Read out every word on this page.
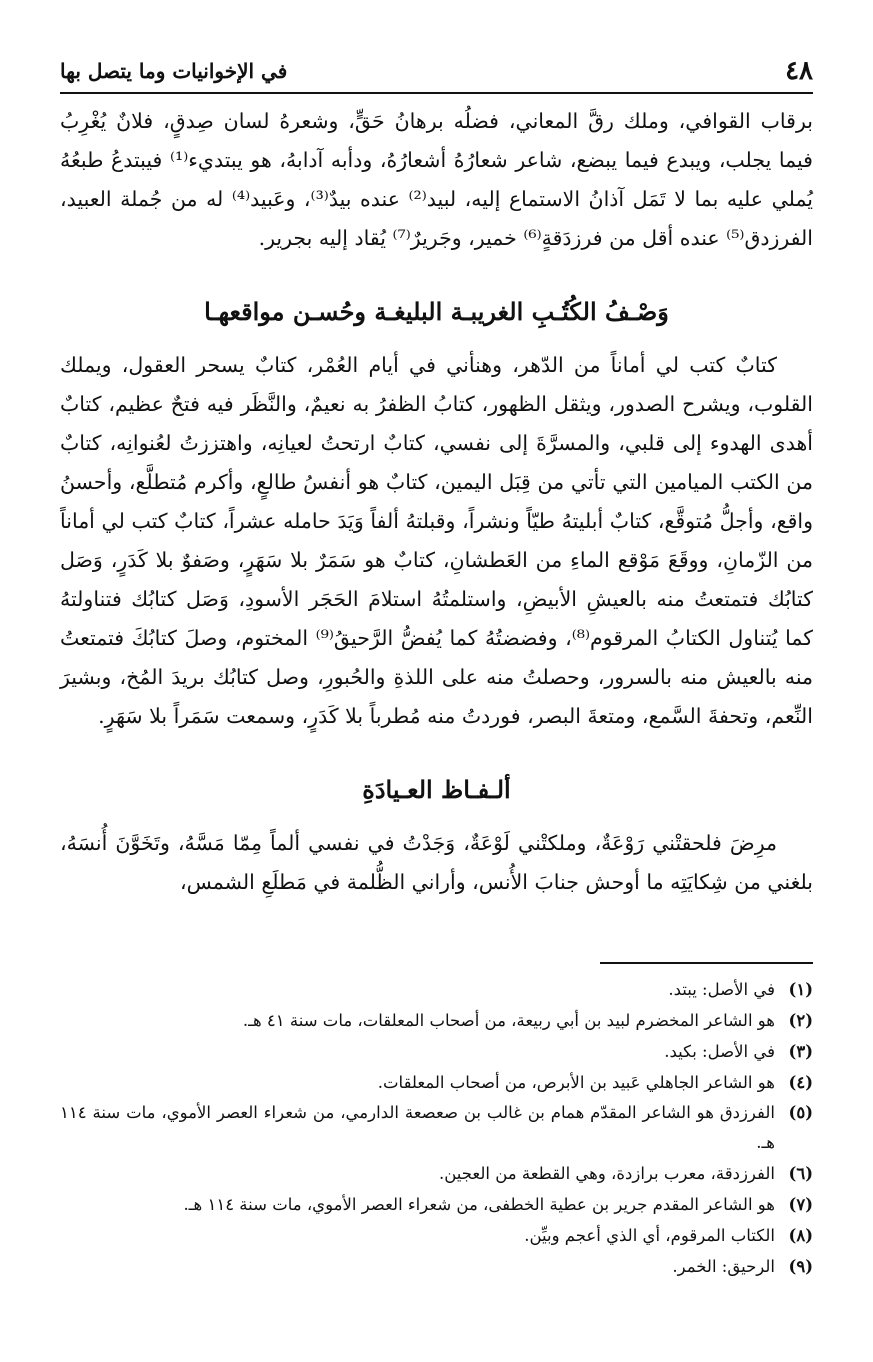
٤٨
في الإخوانيات وما يتصل بها

برقاب القوافي، وملك رقَّ المعاني، فضلُه برهانُ حَقٍّ، وشعرهُ لسان صِدقٍ، فلانٌ يُغْرِبُ فيما يجلب، ويبدع فيما يبضع، شاعر شعارُهُ أشعارُهُ، ودأبه آدابهُ، هو يبتديء⁽¹⁾ فيبتدعُ طبعُهُ يُملي عليه بما لا تَمَل آذانُ الاستماع إليه، لبيد⁽²⁾ عنده بيدٌ⁽³⁾، وعَبيد⁽⁴⁾ له من جُملة العبيد، الفرزدق⁽⁵⁾ عنده أقل من فرزدَقةٍ⁽⁶⁾ خمير، وجَريرٌ⁽⁷⁾ يُقاد إليه بجرير.

وَصْـفُ الكُتُـبِ الغريبـة البليغـة وحُسـن مواقعهـا

كتابٌ كتب لي أماناً من الدّهر، وهنأني في أيام العُمْر، كتابٌ يسحر العقول، ويملك القلوب، ويشرح الصدور، ويثقل الظهور، كتابُ الظفرُ به نعيمٌ، والنَّظَر فيه فتحٌ عظيم، كتابٌ أهدى الهدوء إلى قلبي، والمسرَّةَ إلى نفسي، كتابٌ ارتحتُ لعيانِه، واهتززتُ لعُنوانِه، كتابٌ من الكتب الميامين التي تأتي من قِبَل اليمين، كتابٌ هو أنفسُ طالعٍ، وأكرم مُتطلَّع، وأحسنُ واقع، وأجلُّ مُتوقَّع، كتابٌ أبليتهُ طيّاً ونشراً، وقبلتهُ ألفاً وَيَدَ حامله عشراً، كتابٌ كتب لي أماناً من الزّمانِ، ووقَعَ مَوْقع الماءِ من العَطشانِ، كتابٌ هو سَمَرٌ بلا سَهَرٍ، وصَفوٌ بلا كَدَرٍ، وَصَل كتابُك فتمتعتُ منه بالعيشِ الأبيضِ، واستلمتُهُ استلامَ الحَجَر الأسودِ، وَصَل كتابُك فتناولتهُ كما يُتناول الكتابُ المرقوم⁽⁸⁾، وفضضتُهُ كما يُفضُّ الرَّحيقُ⁽⁹⁾ المختوم، وصلَ كتابُكَ فتمتعتُ منه بالعيش منه بالسرور، وحصلتُ منه على اللذةِ والحُبورِ، وصل كتابُك بريدَ المُخ، وبشيرَ النِّعم، وتحفةَ السَّمع، ومتعةَ البصر، فوردتُ منه مُطرباً بلا كَدَرٍ، وسمعت سَمَراً بلا سَهَرٍ.

ألـفـاظ العـيادَةِ

مرِضَ فلحقتْني رَوْعَةٌ، وملكتْني لَوْعَةٌ، وَجَدْتُ في نفسي ألماً مِمّا مَسَّهُ، وتَخَوَّنَ أُنسَهُ، بلغني من شِكايَتِه ما أوحش جنابَ الأُنس، وأراني الظُّلمة في مَطلَعِ الشمس،

(١)
في الأصل: يبتد.
(٢)
هو الشاعر المخضرم لبيد بن أبي ربيعة، من أصحاب المعلقات، مات سنة ٤١ هـ.
(٣)
في الأصل: بكيد.
(٤)
هو الشاعر الجاهلي عَبيد بن الأبرص، من أصحاب المعلقات.
(٥)
الفرزدق هو الشاعر المقدّم همام بن غالب بن صعصعة الدارمي، من شعراء العصر الأموي، مات سنة ١١٤ هـ.
(٦)
الفرزدقة، معرب برازدة، وهي القطعة من العجين.
(٧)
هو الشاعر المقدم جرير بن عطية الخطفى، من شعراء العصر الأموي، مات سنة ١١٤ هـ.
(٨)
الكتاب المرقوم، أي الذي أعجم وبيِّن.
(٩)
الرحيق: الخمر.
